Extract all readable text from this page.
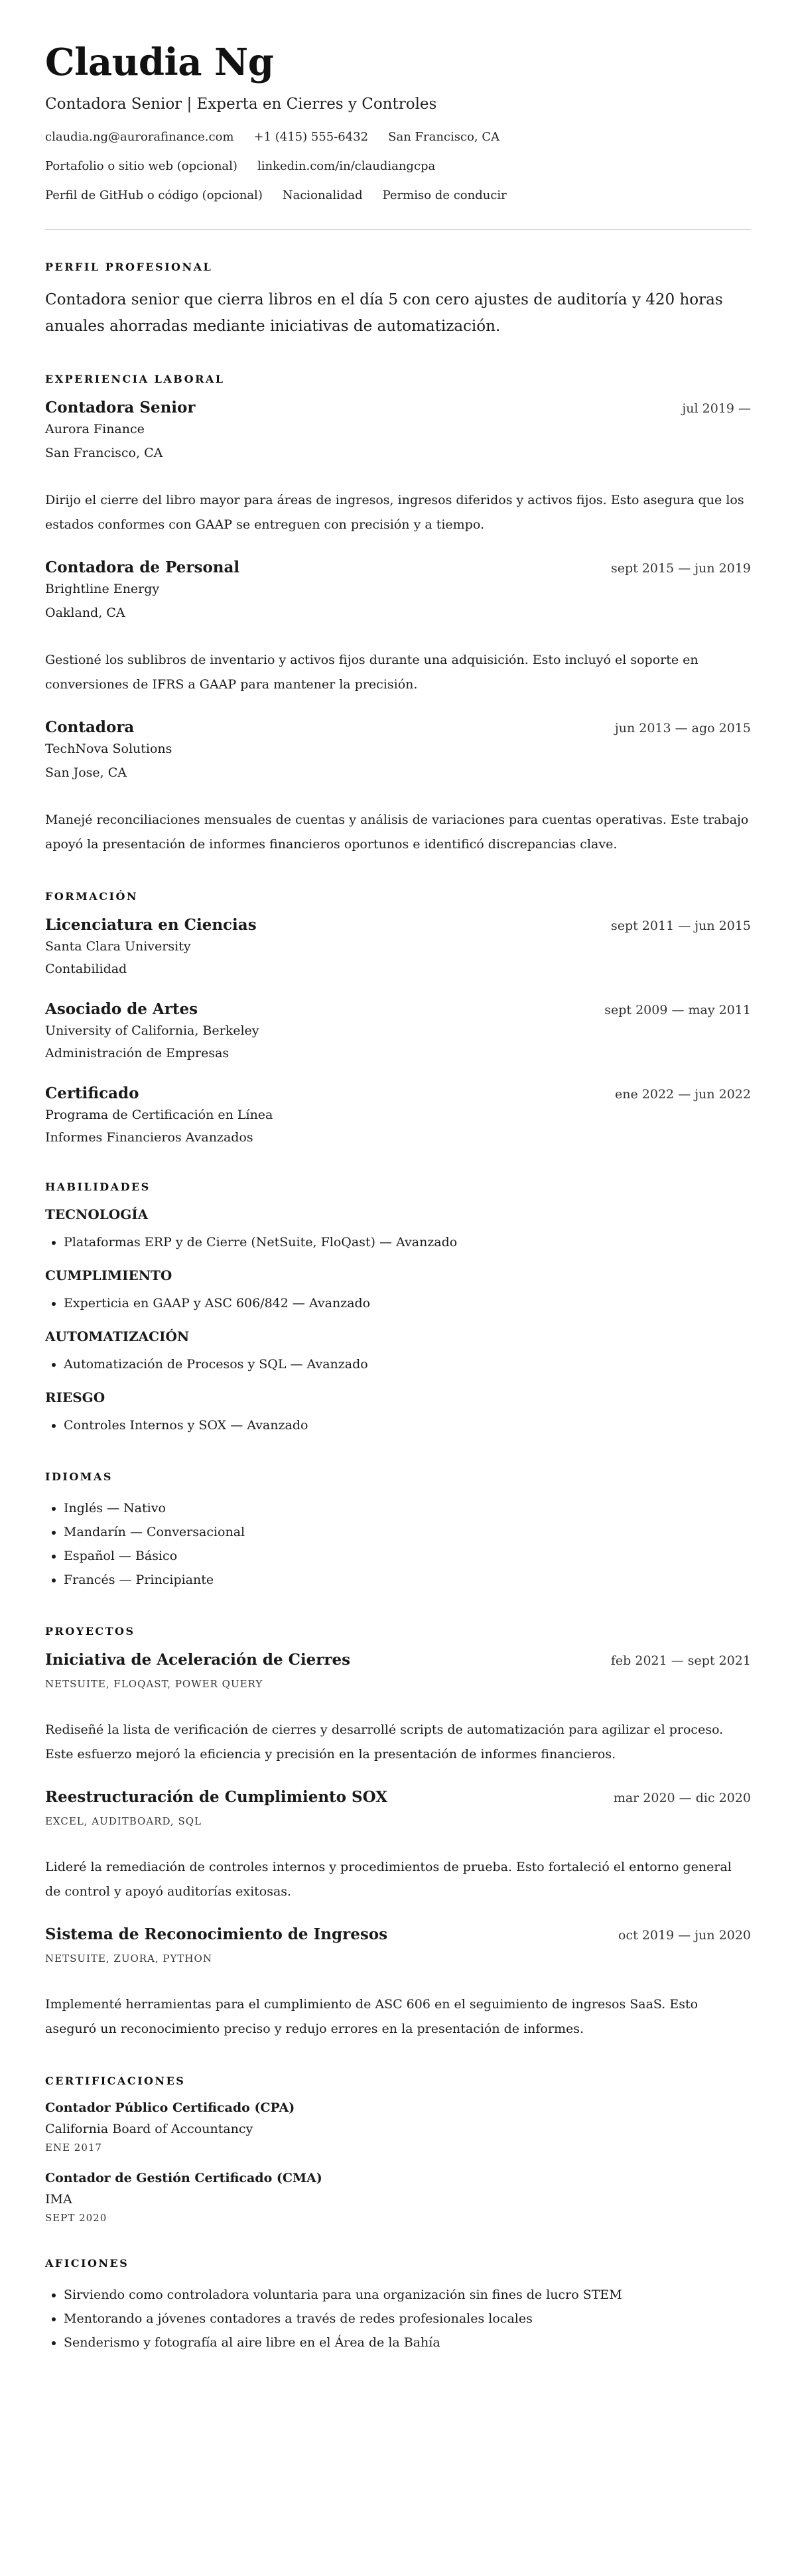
Claudia Ng
Contadora Senior | Experta en Cierres y Controles
claudia.ng@aurorafinance.com +1 (415) 555-6432 San Francisco, CA
Portafolio o sitio web (opcional) linkedin.com/in/claudiangcpa
Perfil de GitHub o código (opcional) Nacionalidad Permiso de conducir
PERFIL PROFESIONAL
Contadora senior que cierra libros en el día 5 con cero ajustes de auditoría y 420 horas anuales ahorradas mediante iniciativas de automatización.
EXPERIENCIA LABORAL
Contadora Senior	jul 2019 —
Aurora Finance
San Francisco, CA
Dirijo el cierre del libro mayor para áreas de ingresos, ingresos diferidos y activos fijos. Esto asegura que los estados conformes con GAAP se entreguen con precisión y a tiempo.
Contadora de Personal	sept 2015 — jun 2019
Brightline Energy
Oakland, CA
Gestioné los sublibros de inventario y activos fijos durante una adquisición. Esto incluyó el soporte en conversiones de IFRS a GAAP para mantener la precisión.
Contadora	jun 2013 — ago 2015
TechNova Solutions
San Jose, CA
Manejé reconciliaciones mensuales de cuentas y análisis de variaciones para cuentas operativas. Este trabajo apoyó la presentación de informes financieros oportunos e identificó discrepancias clave.
FORMACIÓN
Licenciatura en Ciencias	sept 2011 — jun 2015
Santa Clara University
Contabilidad
Asociado de Artes	sept 2009 — may 2011
University of California, Berkeley
Administración de Empresas
Certificado	ene 2022 — jun 2022
Programa de Certificación en Línea
Informes Financieros Avanzados
HABILIDADES
TECNOLOGÍA
• Plataformas ERP y de Cierre (NetSuite, FloQast) — Avanzado
CUMPLIMIENTO
• Experticia en GAAP y ASC 606/842 — Avanzado
AUTOMATIZACIÓN
• Automatización de Procesos y SQL — Avanzado
RIESGO
• Controles Internos y SOX — Avanzado
IDIOMAS
• Inglés — Nativo
• Mandarín — Conversacional
• Español — Básico
• Francés — Principiante
PROYECTOS
Iniciativa de Aceleración de Cierres	feb 2021 — sept 2021
NETSUITE, FLOQAST, POWER QUERY
Rediseñé la lista de verificación de cierres y desarrollé scripts de automatización para agilizar el proceso. Este esfuerzo mejoró la eficiencia y precisión en la presentación de informes financieros.
Reestructuración de Cumplimiento SOX	mar 2020 — dic 2020
EXCEL, AUDITBOARD, SQL
Lideré la remediación de controles internos y procedimientos de prueba. Esto fortaleció el entorno general de control y apoyó auditorías exitosas.
Sistema de Reconocimiento de Ingresos	oct 2019 — jun 2020
NETSUITE, ZUORA, PYTHON
Implementé herramientas para el cumplimiento de ASC 606 en el seguimiento de ingresos SaaS. Esto aseguró un reconocimiento preciso y redujo errores en la presentación de informes.
CERTIFICACIONES
Contador Público Certificado (CPA)
California Board of Accountancy
ENE 2017
Contador de Gestión Certificado (CMA)
IMA
SEPT 2020
AFICIONES
• Sirviendo como controladora voluntaria para una organización sin fines de lucro STEM
• Mentorando a jóvenes contadores a través de redes profesionales locales
• Senderismo y fotografía al aire libre en el Área de la Bahía
